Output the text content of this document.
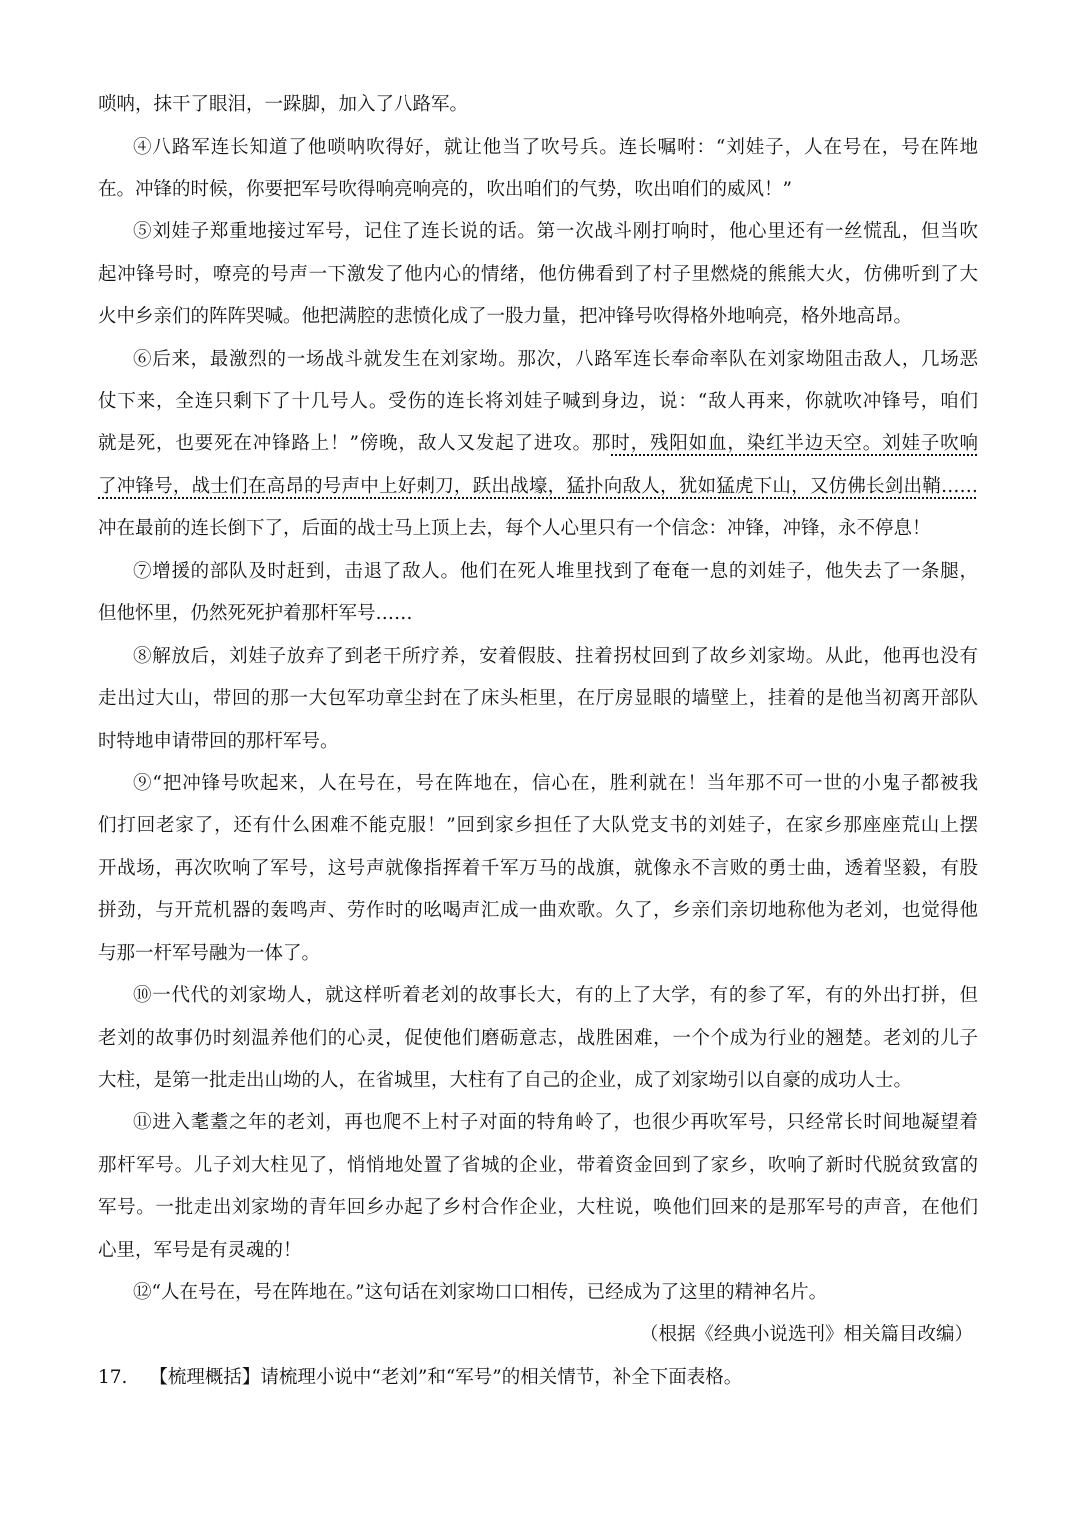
唢呐，抹干了眼泪，一跺脚，加入了八路军。
④八路军连长知道了他唢呐吹得好，就让他当了吹号兵。连长嘱咐：“刘娃子，人在号在，号在阵地
在。冲锋的时候，你要把军号吹得响亮响亮的，吹出咱们的气势，吹出咱们的威风！”
⑤刘娃子郑重地接过军号，记住了连长说的话。第一次战斗刚打响时，他心里还有一丝慌乱，但当吹
起冲锋号时，嘹亮的号声一下激发了他内心的情绪，他仿佛看到了村子里燃烧的熊熊大火，仿佛听到了大
火中乡亲们的阵阵哭喊。他把满腔的悲愤化成了一股力量，把冲锋号吹得格外地响亮，格外地高昂。
⑥后来，最激烈的一场战斗就发生在刘家坳。那次，八路军连长奉命率队在刘家坳阻击敌人，几场恶
仗下来，全连只剩下了十几号人。受伤的连长将刘娃子喊到身边，说：“敌人再来，你就吹冲锋号，咱们
就是死，也要死在冲锋路上！”傍晚，敌人又发起了进攻。那时，残阳如血，染红半边天空。刘娃子吹响
了冲锋号，战士们在高昂的号声中上好刺刀，跃出战壕，猛扑向敌人，犹如猛虎下山，又仿佛长剑出鞘……
冲在最前的连长倒下了，后面的战士马上顶上去，每个人心里只有一个信念：冲锋，冲锋，永不停息！
⑦增援的部队及时赶到，击退了敌人。他们在死人堆里找到了奄奄一息的刘娃子，他失去了一条腿，
但他怀里，仍然死死护着那杆军号……
⑧解放后，刘娃子放弃了到老干所疗养，安着假肢、拄着拐杖回到了故乡刘家坳。从此，他再也没有
走出过大山，带回的那一大包军功章尘封在了床头柜里，在厅房显眼的墙壁上，挂着的是他当初离开部队
时特地申请带回的那杆军号。
⑨“把冲锋号吹起来，人在号在，号在阵地在，信心在，胜利就在！当年那不可一世的小鬼子都被我
们打回老家了，还有什么困难不能克服！”回到家乡担任了大队党支书的刘娃子，在家乡那座座荒山上摆
开战场，再次吹响了军号，这号声就像指挥着千军万马的战旗，就像永不言败的勇士曲，透着坚毅，有股
拼劲，与开荒机器的轰鸣声、劳作时的吆喝声汇成一曲欢歌。久了，乡亲们亲切地称他为老刘，也觉得他
与那一杆军号融为一体了。
⑩一代代的刘家坳人，就这样听着老刘的故事长大，有的上了大学，有的参了军，有的外出打拼，但
老刘的故事仍时刻温养他们的心灵，促使他们磨砺意志，战胜困难，一个个成为行业的翘楚。老刘的儿子
大柱，是第一批走出山坳的人，在省城里，大柱有了自己的企业，成了刘家坳引以自豪的成功人士。
⑪进入耄耋之年的老刘，再也爬不上村子对面的特角岭了，也很少再吹军号，只经常长时间地凝望着
那杆军号。儿子刘大柱见了，悄悄地处置了省城的企业，带着资金回到了家乡，吹响了新时代脱贫致富的
军号。一批走出刘家坳的青年回乡办起了乡村合作企业，大柱说，唤他们回来的是那军号的声音，在他们
心里，军号是有灵魂的！
⑫“人在号在，号在阵地在。”这句话在刘家坳口口相传，已经成为了这里的精神名片。
（根据《经典小说选刊》相关篇目改编）
17. 【梳理概括】请梳理小说中“老刘”和“军号”的相关情节，补全下面表格。
